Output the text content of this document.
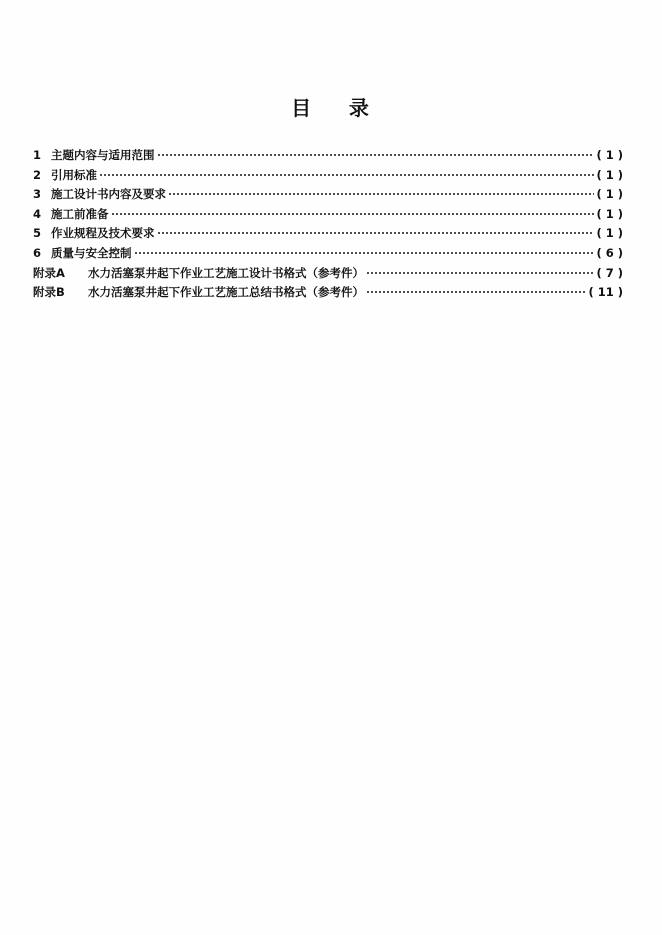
目    录
1 主题内容与适用范围	( 1 )
2 引用标准	( 1 )
3 施工设计书内容及要求	( 1 )
4 施工前准备	( 1 )
5 作业规程及技术要求	( 1 )
6 质量与安全控制	( 6 )
附录A	水力活塞泵井起下作业工艺施工设计书格式（参考件）	( 7 )
附录B	水力活塞泵井起下作业工艺施工总结书格式（参考件）	( 11 )
